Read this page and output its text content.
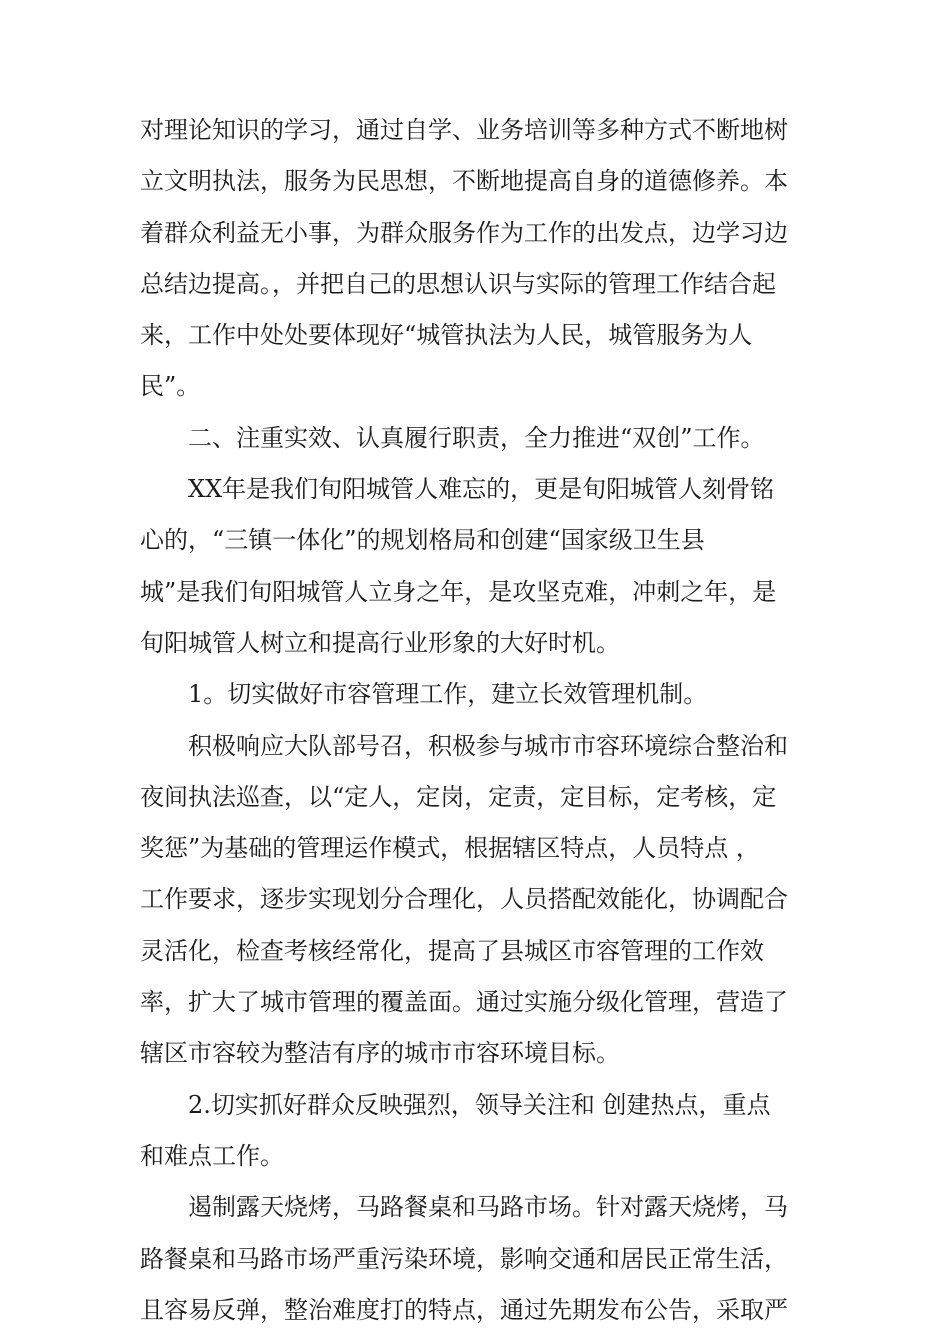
对理论知识的学习，通过自学、业务培训等多种方式不断地树
立文明执法，服务为民思想，不断地提高自身的道德修养。本
着群众利益无小事，为群众服务作为工作的出发点，边学习边
总结边提高。，并把自己的思想认识与实际的管理工作结合起
来，工作中处处要体现好“城管执法为人民，城管服务为人
民”。
二、注重实效、认真履行职责，全力推进“双创”工作。
XX年是我们旬阳城管人难忘的，更是旬阳城管人刻骨铭
心的，“三镇一体化”的规划格局和创建“国家级卫生县
城”是我们旬阳城管人立身之年，是攻坚克难，冲刺之年，是
旬阳城管人树立和提高行业形象的大好时机。
1。切实做好市容管理工作，建立长效管理机制。
积极响应大队部号召，积极参与城市市容环境综合整治和
夜间执法巡查，以“定人，定岗，定责，定目标，定考核，定
奖惩”为基础的管理运作模式，根据辖区特点，人员特点 ，
工作要求，逐步实现划分合理化，人员搭配效能化，协调配合
灵活化，检查考核经常化，提高了县城区市容管理的工作效
率，扩大了城市管理的覆盖面。通过实施分级化管理，营造了
辖区市容较为整洁有序的城市市容环境目标。
2.切实抓好群众反映强烈，领导关注和 创建热点，重点
和难点工作。
遏制露天烧烤，马路餐桌和马路市场。针对露天烧烤，马
路餐桌和马路市场严重污染环境，影响交通和居民正常生活，
且容易反弹，整治难度打的特点，通过先期发布公告，采取严
